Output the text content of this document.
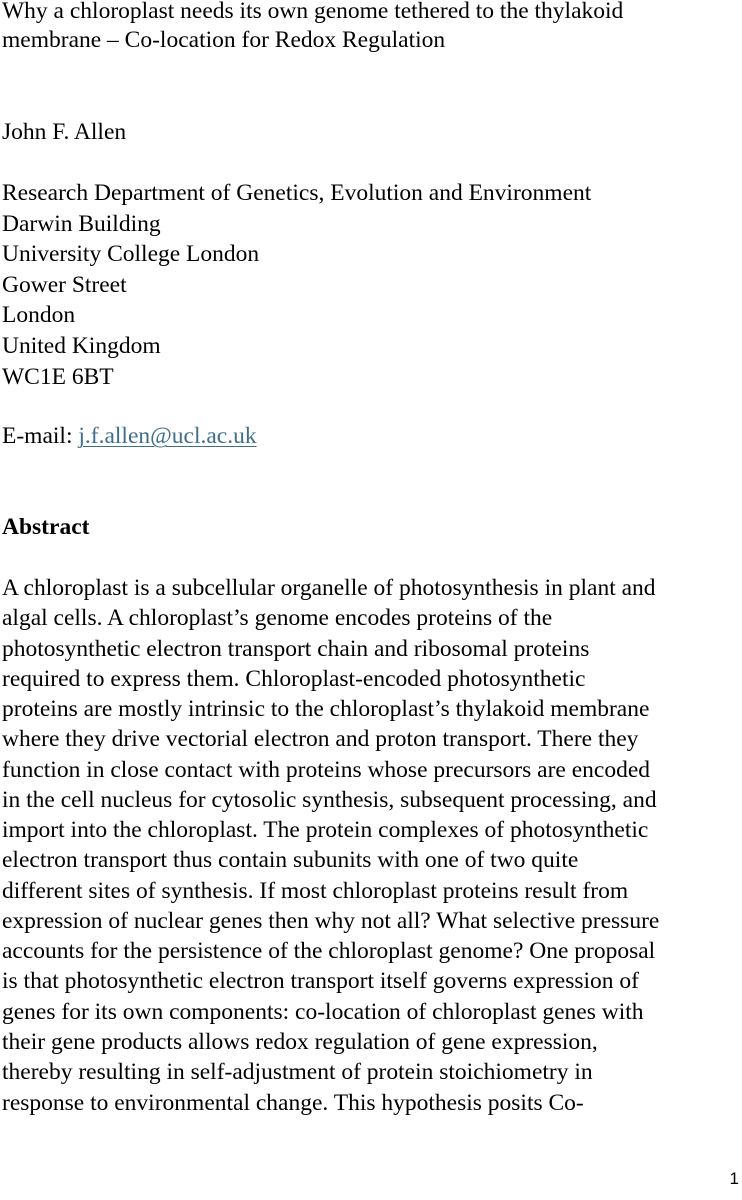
Why a chloroplast needs its own genome tethered to the thylakoid
membrane – Co-location for Redox Regulation
John F. Allen
Research Department of Genetics, Evolution and Environment
Darwin Building
University College London
Gower Street
London
United Kingdom
WC1E 6BT
E-mail: j.f.allen@ucl.ac.uk
Abstract
A chloroplast is a subcellular organelle of photosynthesis in plant and
algal cells. A chloroplast’s genome encodes proteins of the
photosynthetic electron transport chain and ribosomal proteins
required to express them. Chloroplast-encoded photosynthetic
proteins are mostly intrinsic to the chloroplast’s thylakoid membrane
where they drive vectorial electron and proton transport. There they
function in close contact with proteins whose precursors are encoded
in the cell nucleus for cytosolic synthesis, subsequent processing, and
import into the chloroplast. The protein complexes of photosynthetic
electron transport thus contain subunits with one of two quite
different sites of synthesis. If most chloroplast proteins result from
expression of nuclear genes then why not all? What selective pressure
accounts for the persistence of the chloroplast genome? One proposal
is that photosynthetic electron transport itself governs expression of
genes for its own components: co-location of chloroplast genes with
their gene products allows redox regulation of gene expression,
thereby resulting in self-adjustment of protein stoichiometry in
response to environmental change. This hypothesis posits Co-
1
